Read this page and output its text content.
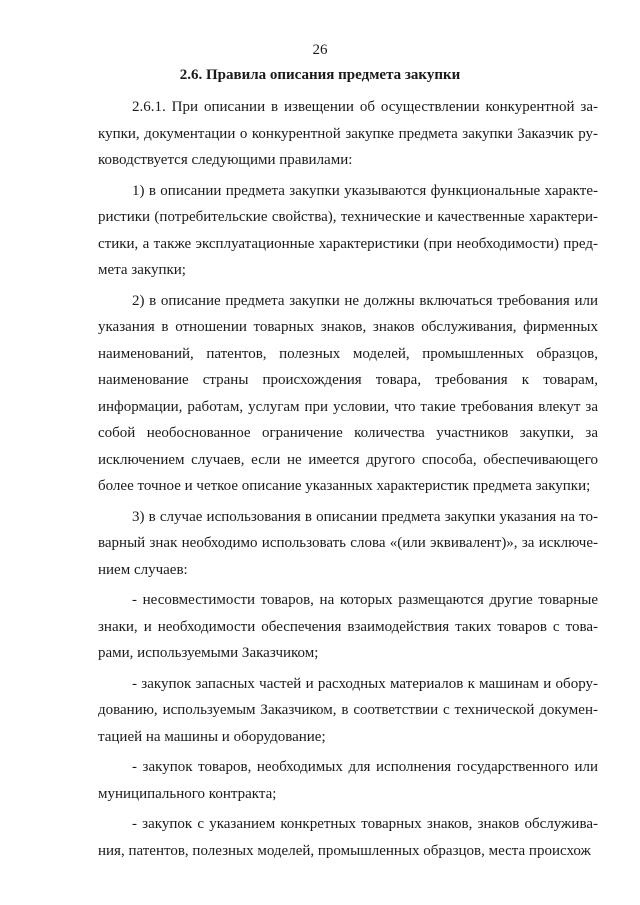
26
2.6. Правила описания предмета закупки

2.6.1. При описании в извещении об осуществлении конкурентной закупки, документации о конкурентной закупке предмета закупки Заказчик руководствуется следующими правилами:

1) в описании предмета закупки указываются функциональные характеристики (потребительские свойства), технические и качественные характеристики, а также эксплуатационные характеристики (при необходимости) предмета закупки;

2) в описание предмета закупки не должны включаться требования или указания в отношении товарных знаков, знаков обслуживания, фирменных наименований, патентов, полезных моделей, промышленных образцов, наименование страны происхождения товара, требования к товарам, информации, работам, услугам при условии, что такие требования влекут за собой необоснованное ограничение количества участников закупки, за исключением случаев, если не имеется другого способа, обеспечивающего более точное и четкое описание указанных характеристик предмета закупки;

3) в случае использования в описании предмета закупки указания на товарный знак необходимо использовать слова «(или эквивалент)», за исключением случаев:

- несовместимости товаров, на которых размещаются другие товарные знаки, и необходимости обеспечения взаимодействия таких товаров с товарами, используемыми Заказчиком;

- закупок запасных частей и расходных материалов к машинам и оборудованию, используемым Заказчиком, в соответствии с технической документацией на машины и оборудование;

- закупок товаров, необходимых для исполнения государственного или муниципального контракта;

- закупок с указанием конкретных товарных знаков, знаков обслуживания, патентов, полезных моделей, промышленных образцов, места происхож
